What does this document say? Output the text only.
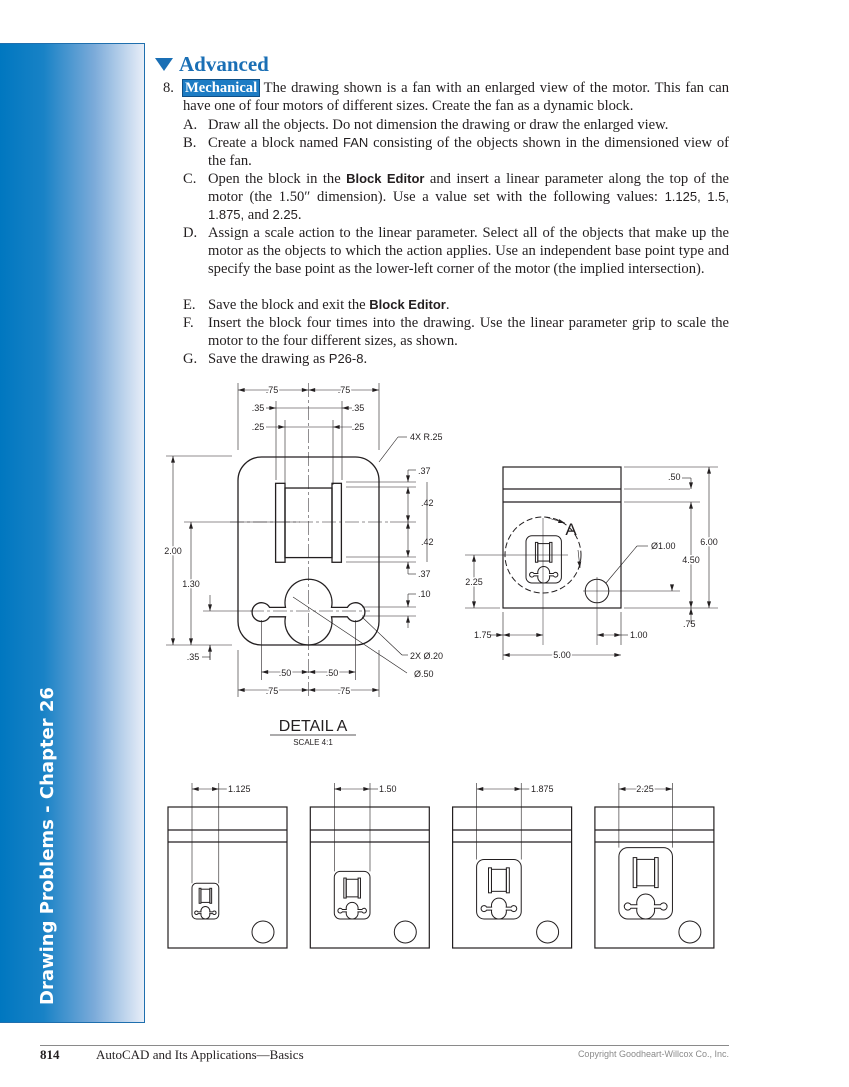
Drawing Problems - Chapter 26
Advanced
8. Mechanical The drawing shown is a fan with an enlarged view of the motor. This fan can have one of four motors of different sizes. Create the fan as a dynamic block.
A. Draw all the objects. Do not dimension the drawing or draw the enlarged view.
B. Create a block named FAN consisting of the objects shown in the dimensioned view of the fan.
C. Open the block in the Block Editor and insert a linear parameter along the top of the motor (the 1.50″ dimension). Use a value set with the following values: 1.125, 1.5, 1.875, and 2.25.
D. Assign a scale action to the linear parameter. Select all of the objects that make up the motor as the objects to which the action applies. Use an independent base point type and specify the base point as the lower-left corner of the motor (the implied intersection).
E. Save the block and exit the Block Editor.
F. Insert the block four times into the drawing. Use the linear parameter grip to scale the motor to the four different sizes, as shown.
G. Save the drawing as P26-8.
.75	.75
.35	.35
.25	.25
4X R.25
.37
.42
.42
.37
.10
2X Ø.20
Ø.50
2.00
1.30
.35
.50	.50
.75	.75
DETAIL A
SCALE 4:1
A
6.00
4.50
.50
.75
2.25
1.75	1.00
5.00
Ø1.00
1.125	1.50	1.875	2.25
814	AutoCAD and Its Applications—Basics	Copyright Goodheart-Willcox Co., Inc.
